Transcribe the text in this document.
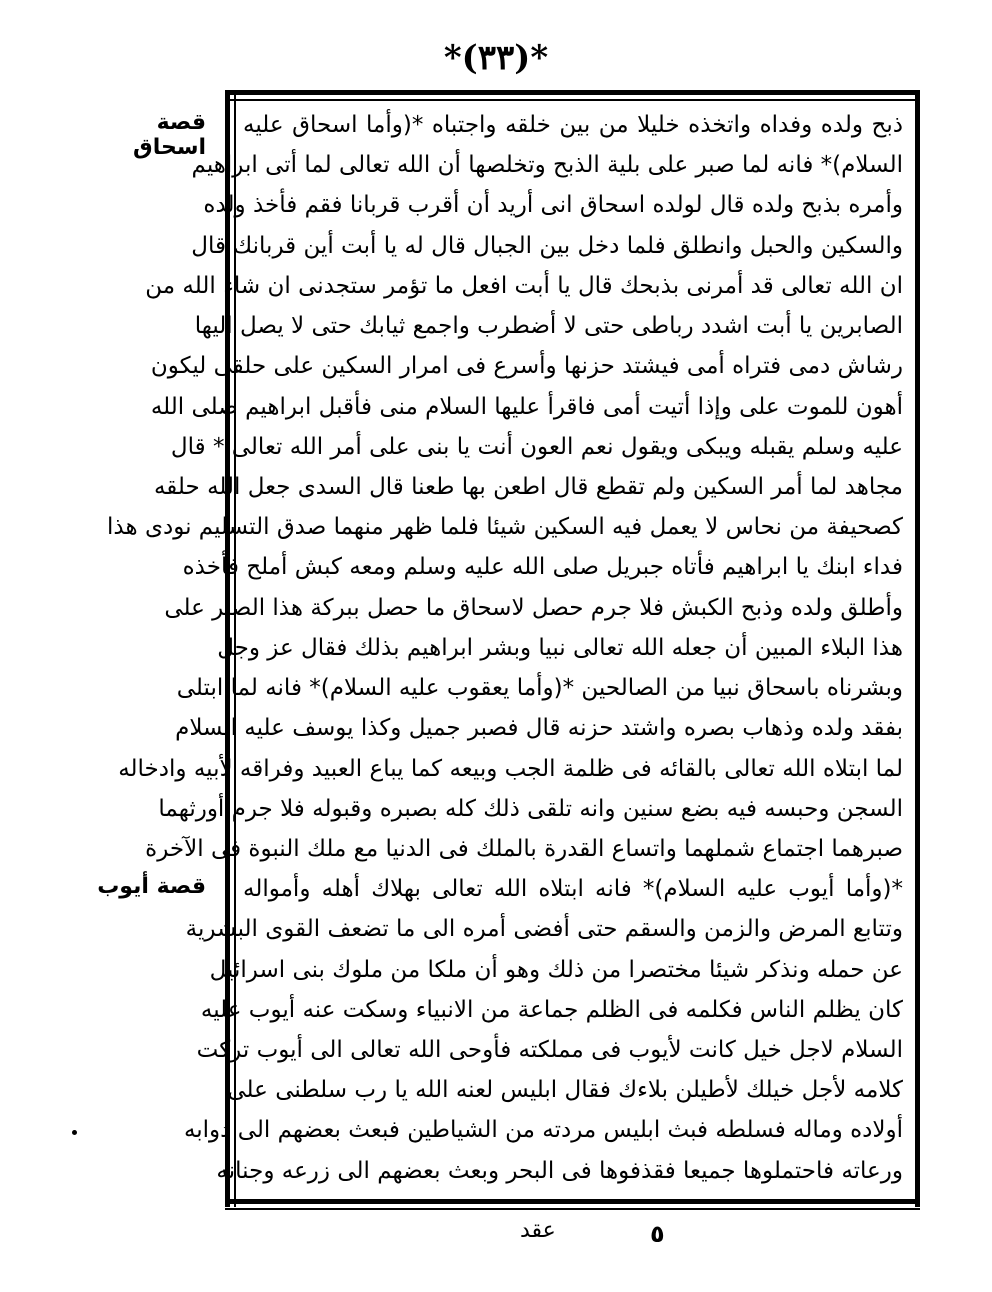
*(٣٣)*
قصة اسحاق
قصة أيوب
ذبح ولده وفداه واتخذه خليلا من بين خلقه واجتباه *(وأما اسحاق عليه
السلام)* فانه لما صبر على بلية الذبح وتخلصها أن الله تعالى لما أتى ابراهيم
وأمره بذبح ولده قال لولده اسحاق انى أريد أن أقرب قربانا فقم فأخذ ولده
والسكين والحبل وانطلق فلما دخل بين الجبال قال له يا أبت أين قربانك قال
ان الله تعالى قد أمرنى بذبحك قال يا أبت افعل ما تؤمر ستجدنى ان شاء الله من
الصابرين يا أبت اشدد رباطى حتى لا أضطرب واجمع ثيابك حتى لا يصل اليها
رشاش دمى فتراه أمى فيشتد حزنها وأسرع فى امرار السكين على حلقى ليكون
أهون للموت على وإذا أتيت أمى فاقرأ عليها السلام منى فأقبل ابراهيم صلى الله
عليه وسلم يقبله ويبكى ويقول نعم العون أنت يا بنى على أمر الله تعالى * قال
مجاهد لما أمر السكين ولم تقطع قال اطعن بها طعنا قال السدى جعل الله حلقه
كصحيفة من نحاس لا يعمل فيه السكين شيئا فلما ظهر منهما صدق التسليم نودى هذا
فداء ابنك يا ابراهيم فأتاه جبريل صلى الله عليه وسلم ومعه كبش أملح فأخذه
وأطلق ولده وذبح الكبش فلا جرم حصل لاسحاق ما حصل ببركة هذا الصبر على
هذا البلاء المبين أن جعله الله تعالى نبيا وبشر ابراهيم بذلك فقال عز وجل
وبشرناه باسحاق نبيا من الصالحين *(وأما يعقوب عليه السلام)* فانه لما ابتلى
بفقد ولده وذهاب بصره واشتد حزنه قال فصبر جميل وكذا يوسف عليه السلام
لما ابتلاه الله تعالى بالقائه فى ظلمة الجب وبيعه كما يباع العبيد وفراقه لأبيه وادخاله
السجن وحبسه فيه بضع سنين وانه تلقى ذلك كله بصبره وقبوله فلا جرم أورثهما
صبرهما اجتماع شملهما واتساع القدرة بالملك فى الدنيا مع ملك النبوة فى الآخرة
*(وأما أيوب عليه السلام)* فانه ابتلاه الله تعالى بهلاك أهله وأمواله
وتتابع المرض والزمن والسقم حتى أفضى أمره الى ما تضعف القوى البشرية
عن حمله ونذكر شيئا مختصرا من ذلك وهو أن ملكا من ملوك بنى اسرائيل
كان يظلم الناس فكلمه فى الظلم جماعة من الانبياء وسكت عنه أيوب عليه
السلام لاجل خيل كانت لأيوب فى مملكته فأوحى الله تعالى الى أيوب تركت
كلامه لأجل خيلك لأطيلن بلاءك فقال ابليس لعنه الله يا رب سلطنى على
أولاده وماله فسلطه فبث ابليس مردته من الشياطين فبعث بعضهم الى دوابه
ورعاته فاحتملوها جميعا فقذفوها فى البحر وبعث بعضهم الى زرعه وجنانه
عقد	٥
